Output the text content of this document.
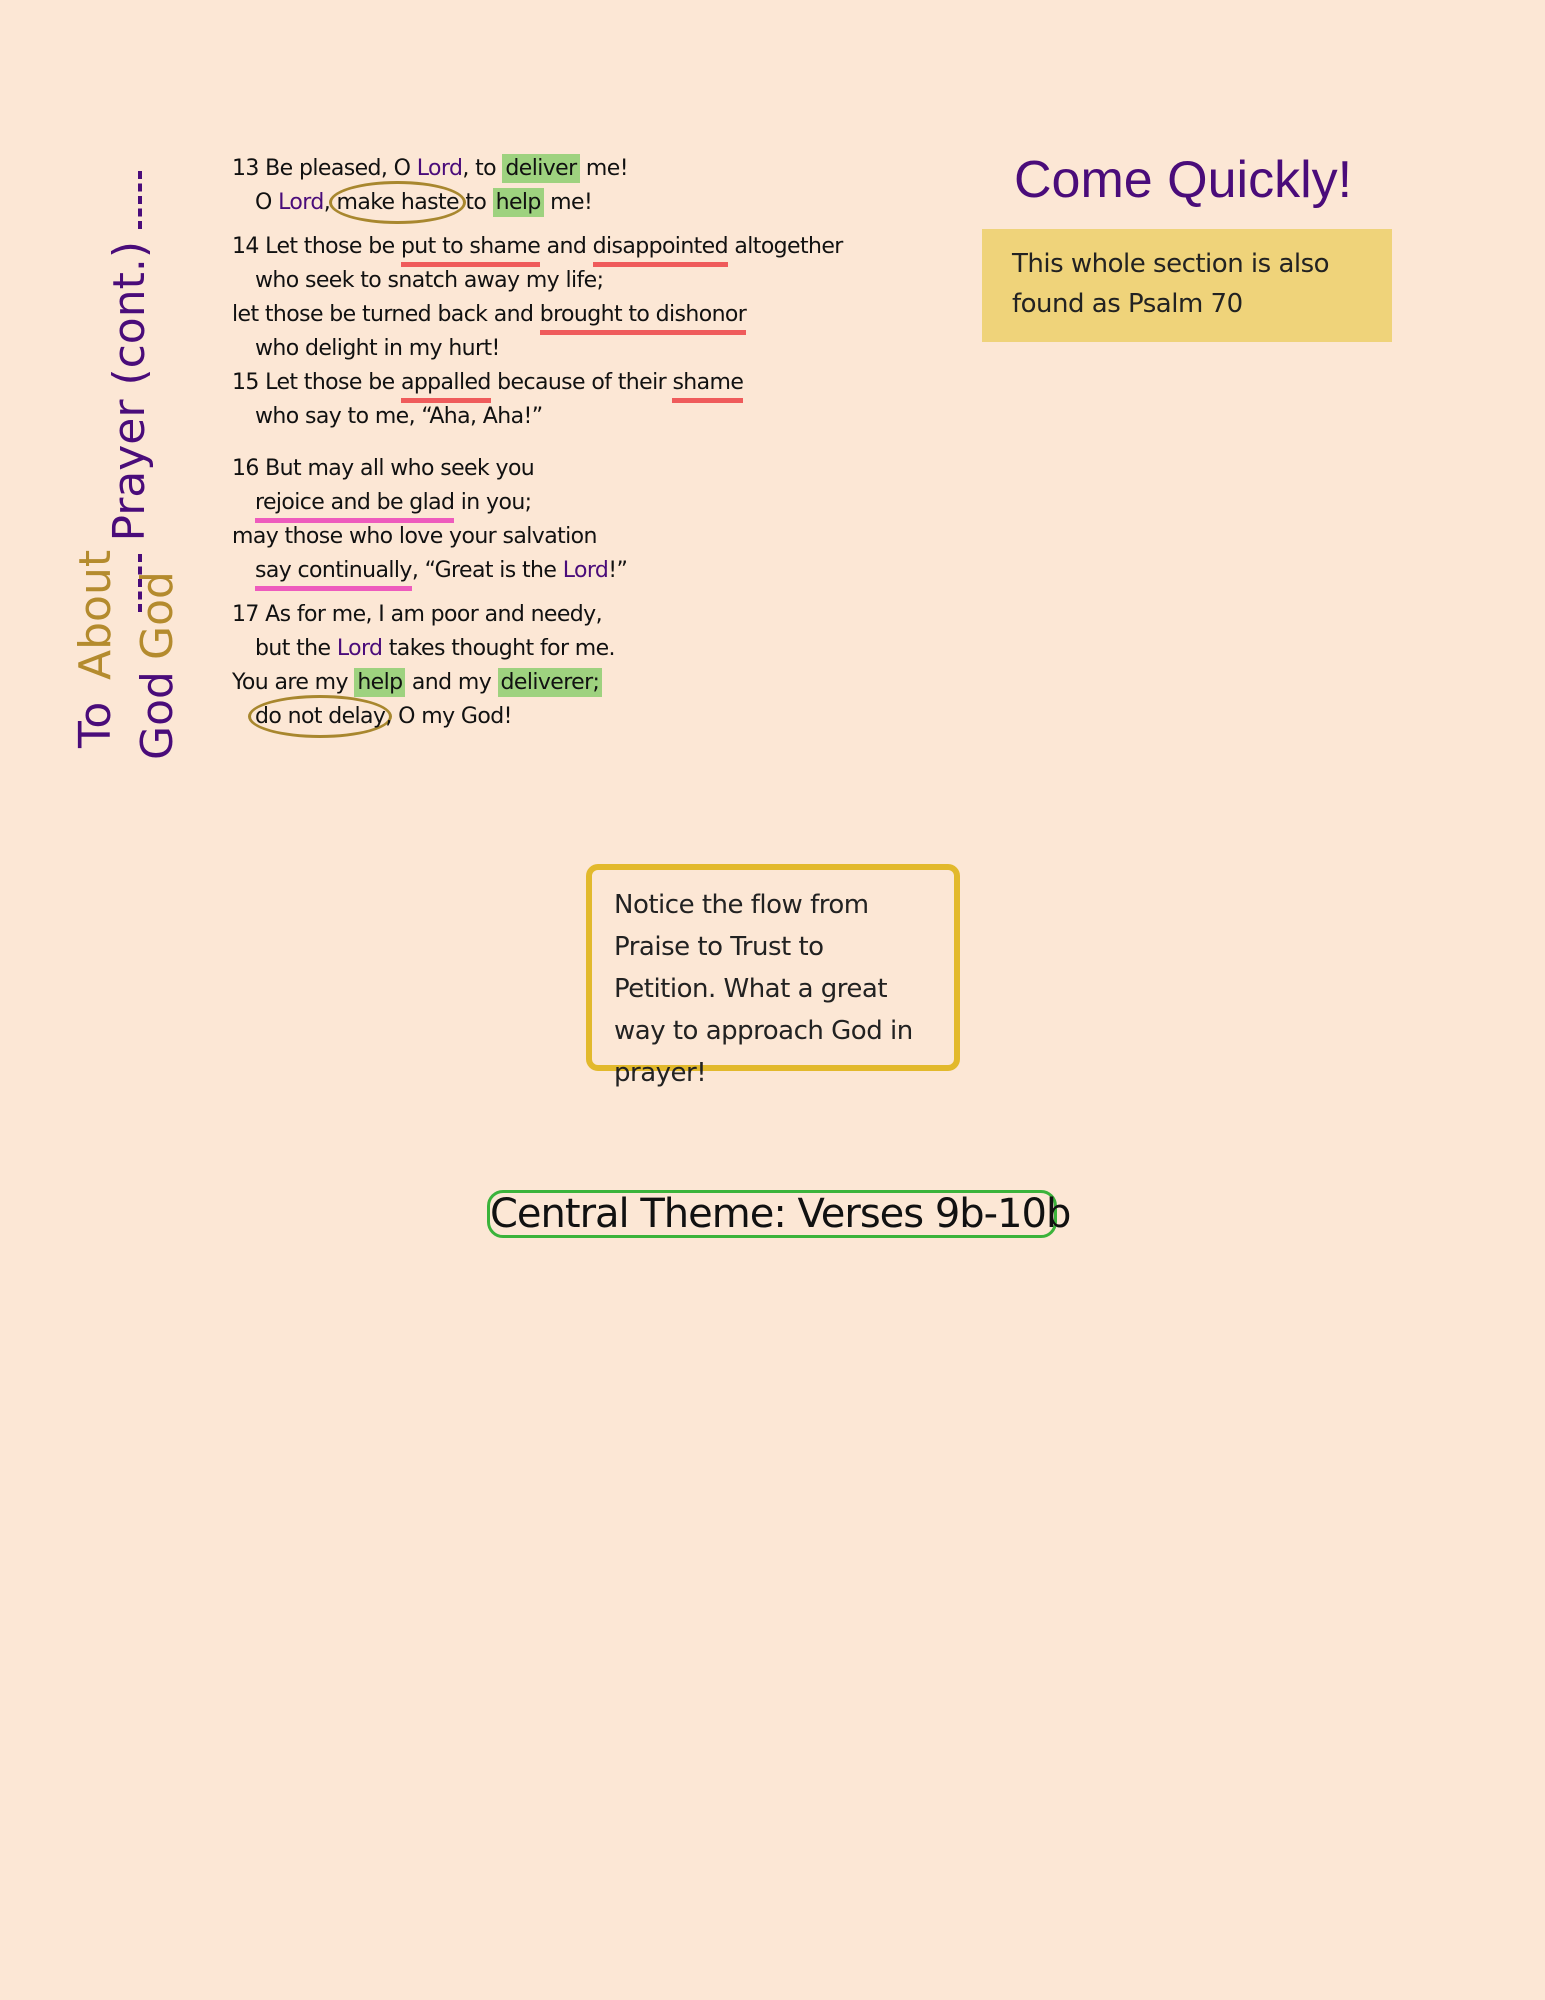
To
About
God
God
Prayer (cont.)
13 Be pleased, O Lord, to deliver me!
O Lord, make haste to help me!
14 Let those be put to shame and disappointed altogether
who seek to snatch away my life;
let those be turned back and brought to dishonor
who delight in my hurt!
15 Let those be appalled because of their shame
who say to me, “Aha, Aha!”
16 But may all who seek you
rejoice and be glad in you;
may those who love your salvation
say continually, “Great is the Lord!”
17 As for me, I am poor and needy,
but the Lord takes thought for me.
You are my help and my deliverer;
do not delay, O my God!
Come Quickly!
This whole section is also found as Psalm 70
Notice the flow from Praise to Trust to Petition. What a great way to approach God in prayer!
Central Theme: Verses 9b-10b
